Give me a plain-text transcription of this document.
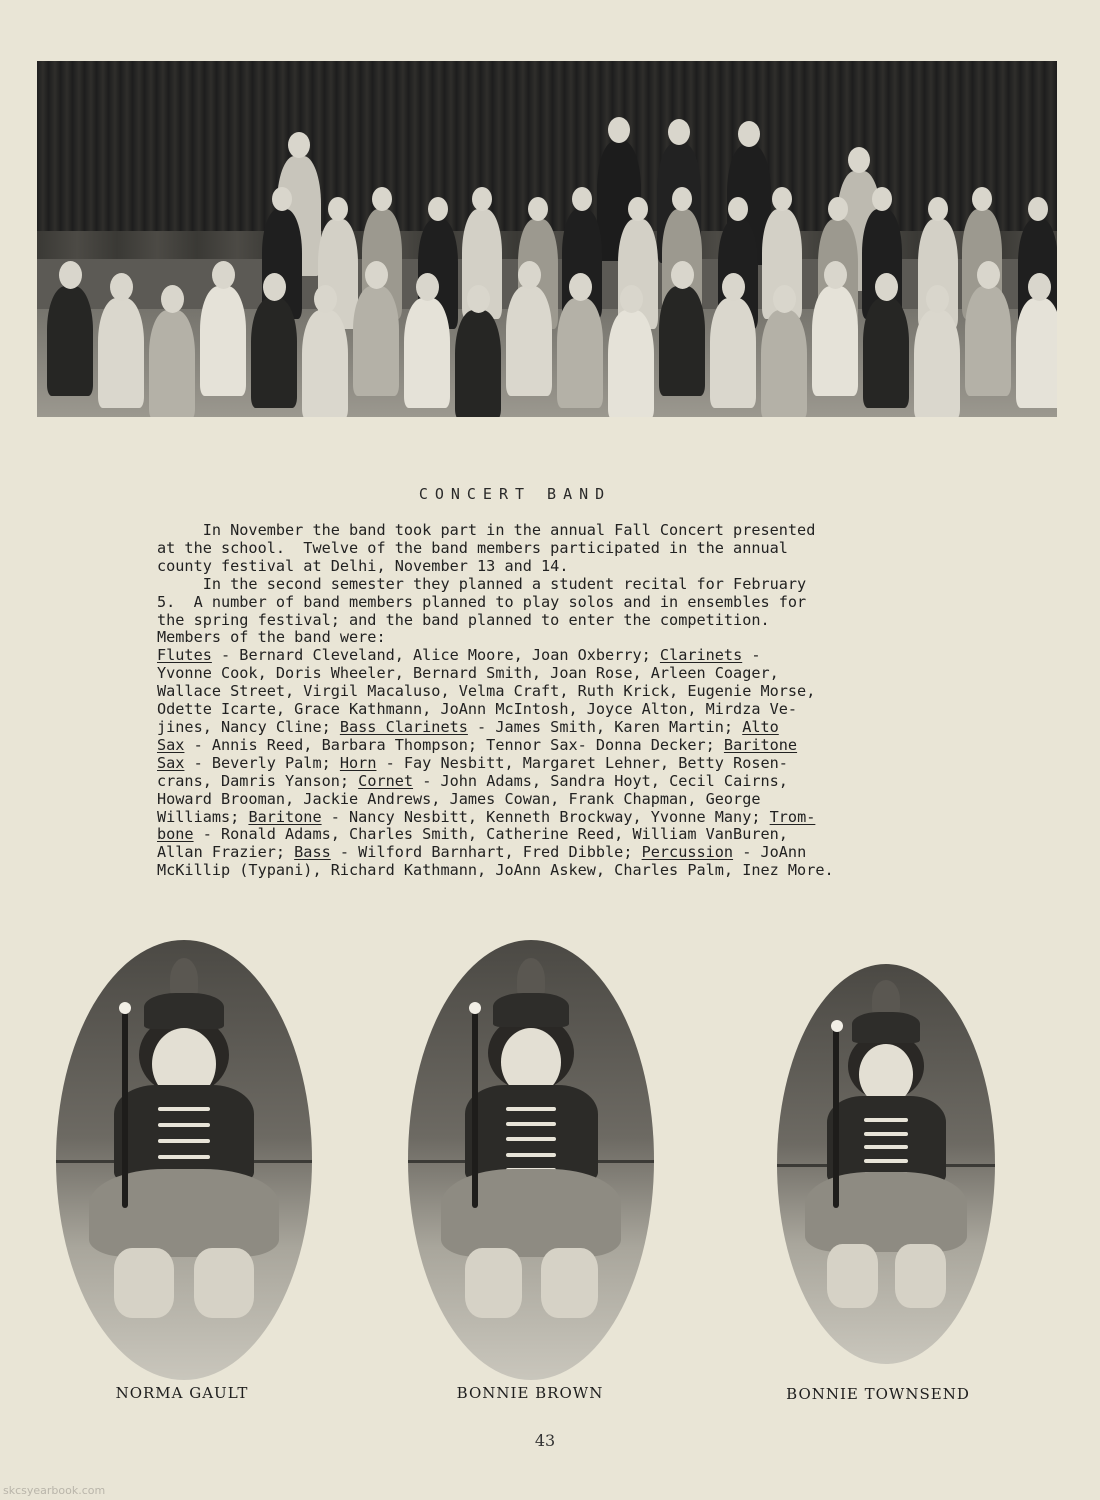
CONCERT BAND

In November the band took part in the annual Fall Concert presented

at the school.  Twelve of the band members participated in the annual

county festival at Delhi, November 13 and 14.

In the second semester they planned a student recital for February

5.  A number of band members planned to play solos and in ensembles for

the spring festival; and the band planned to enter the competition.

Members of the band were:

Flutes - Bernard Cleveland, Alice Moore, Joan Oxberry; Clarinets -

Yvonne Cook, Doris Wheeler, Bernard Smith, Joan Rose, Arleen Coager,

Wallace Street, Virgil Macaluso, Velma Craft, Ruth Krick, Eugenie Morse,

Odette Icarte, Grace Kathmann, JoAnn McIntosh, Joyce Alton, Mirdza Ve-

jines, Nancy Cline; Bass Clarinets - James Smith, Karen Martin; Alto

Sax - Annis Reed, Barbara Thompson; Tennor Sax- Donna Decker; Baritone

Sax - Beverly Palm; Horn - Fay Nesbitt, Margaret Lehner, Betty Rosen-

crans, Damris Yanson; Cornet - John Adams, Sandra Hoyt, Cecil Cairns,

Howard Brooman, Jackie Andrews, James Cowan, Frank Chapman, George

Williams; Baritone - Nancy Nesbitt, Kenneth Brockway, Yvonne Many; Trom-

bone - Ronald Adams, Charles Smith, Catherine Reed, William VanBuren,

Allan Frazier; Bass - Wilford Barnhart, Fred Dibble; Percussion - JoAnn

McKillip (Typani), Richard Kathmann, JoAnn Askew, Charles Palm, Inez More.

NORMA GAULT	BONNIE BROWN	BONNIE TOWNSEND
43
skcsyearbook.com
